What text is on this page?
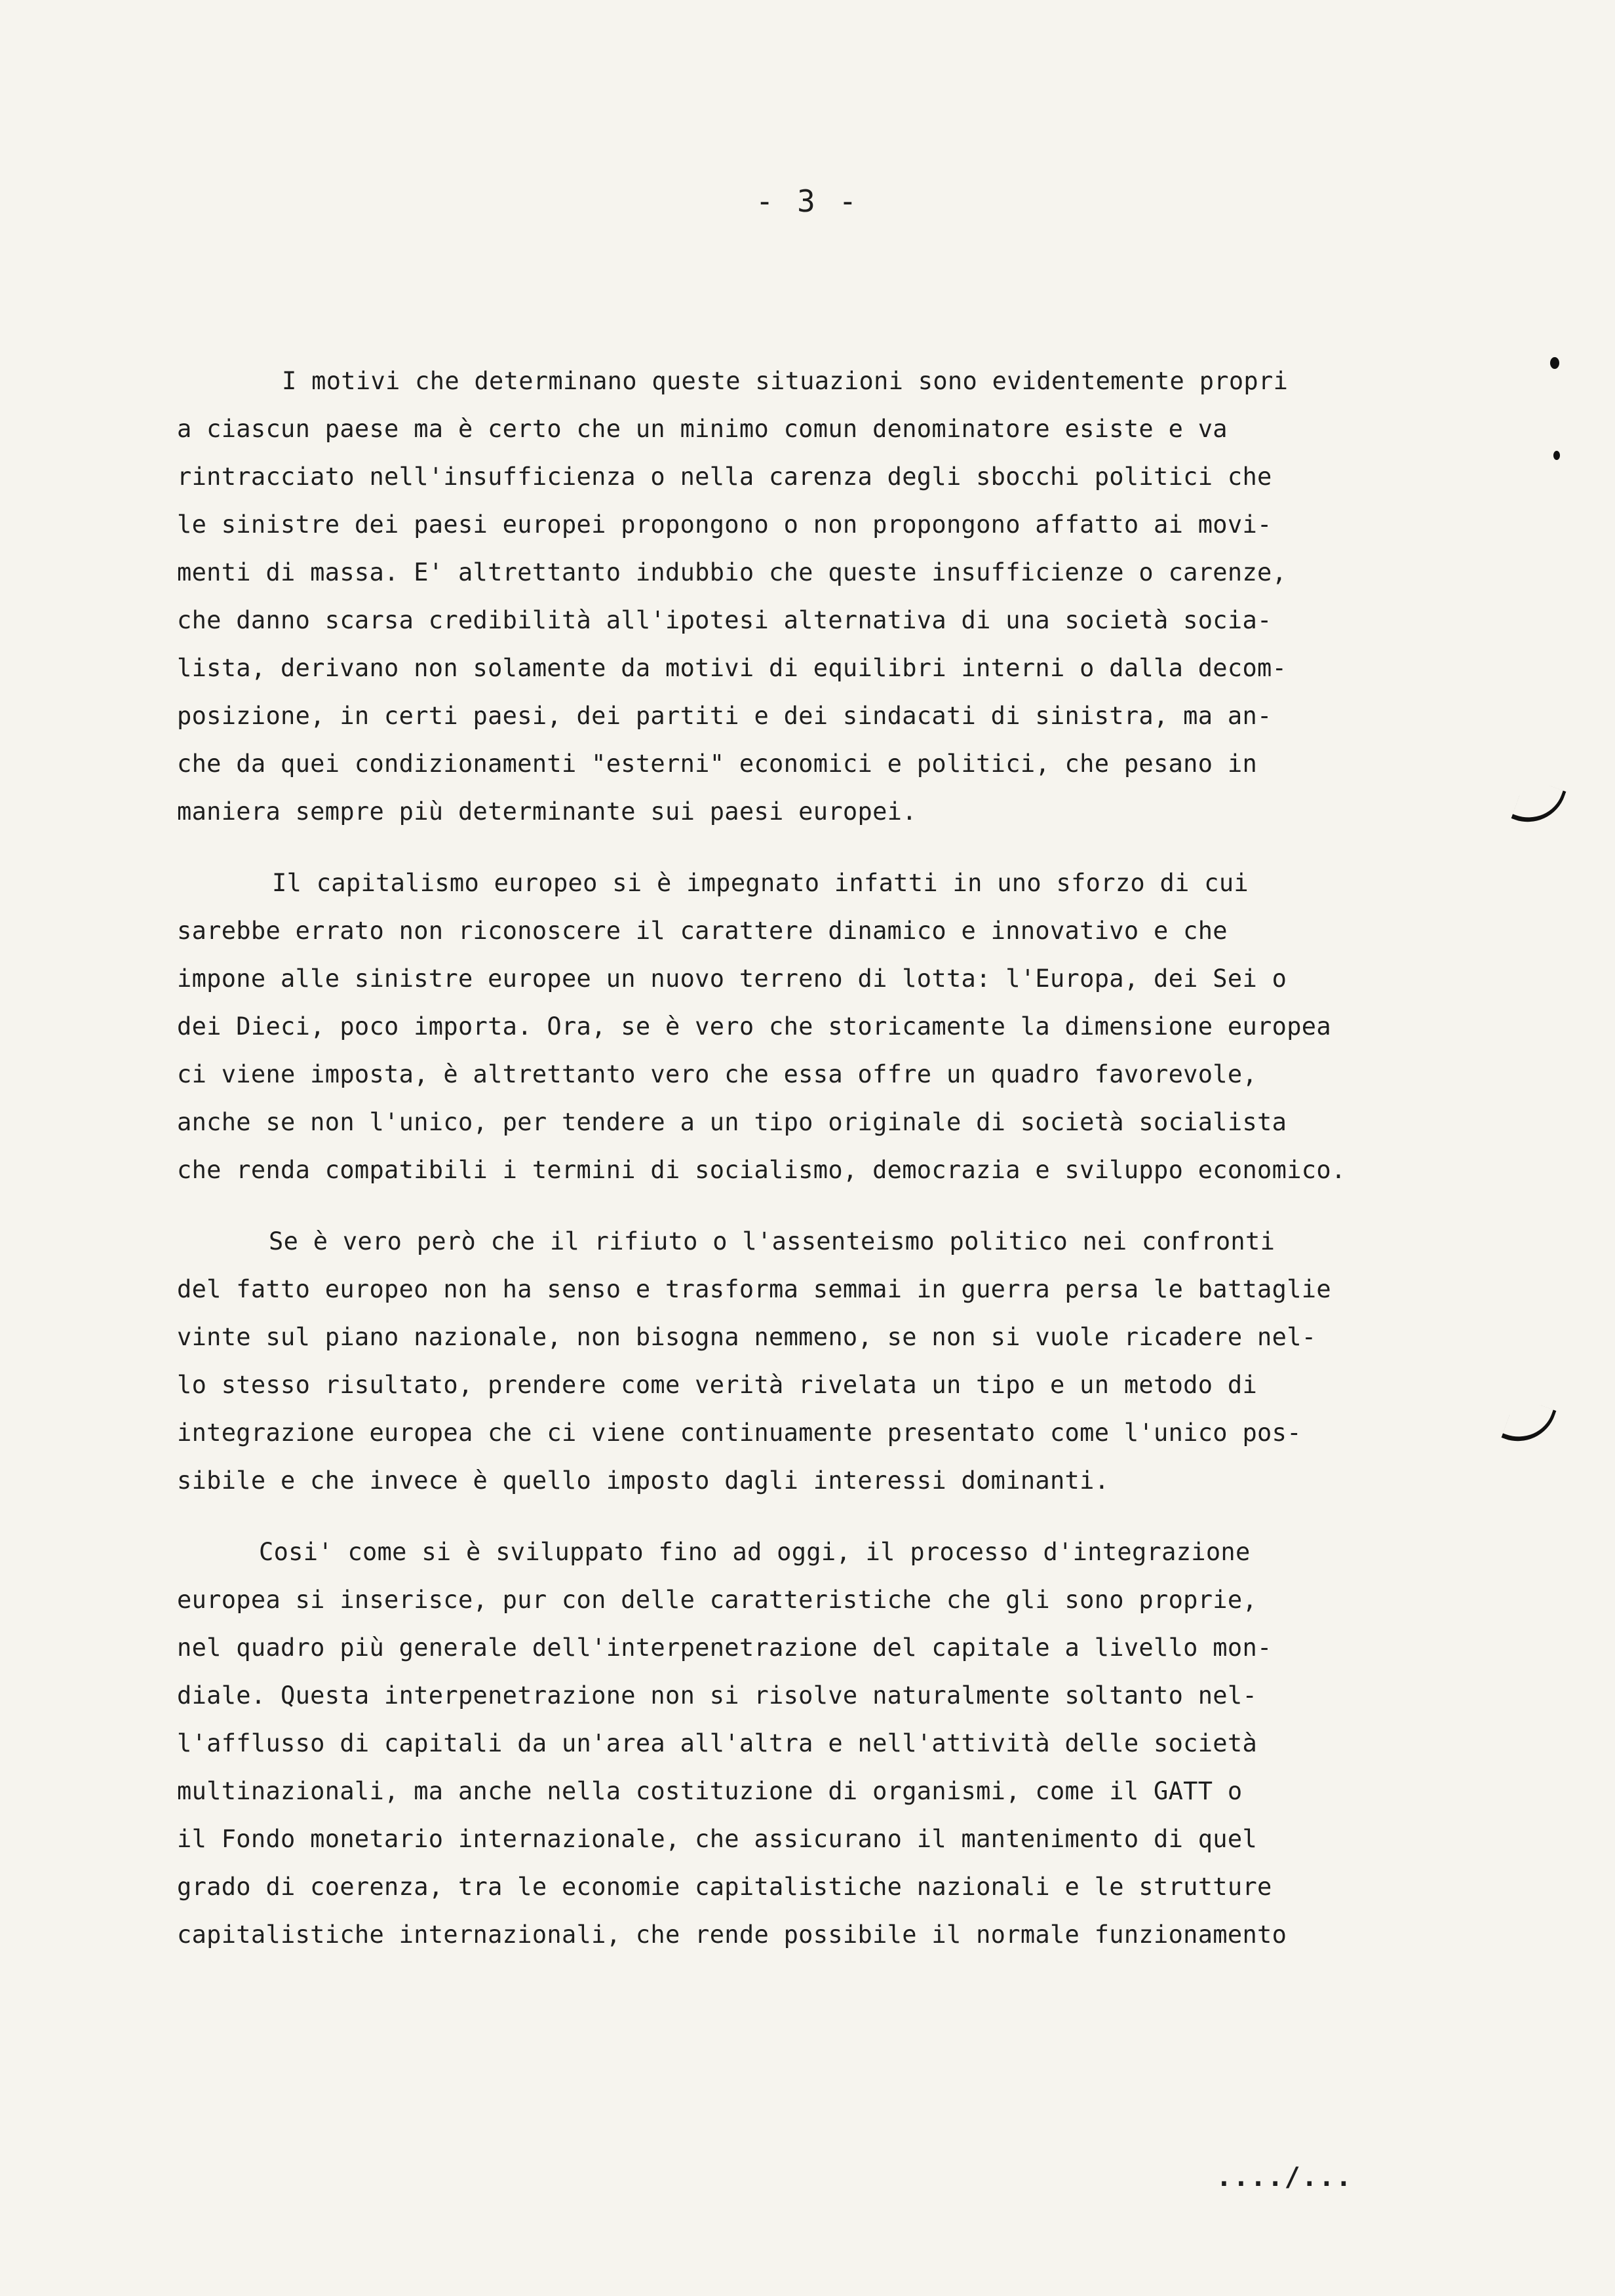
- 3 -
I motivi che determinano queste situazioni sono evidentemente propri
a ciascun paese ma è certo che un minimo comun denominatore esiste e va
rintracciato nell'insufficienza o nella carenza degli sbocchi politici che
le sinistre dei paesi europei propongono o non propongono affatto ai movi-
menti di massa. E' altrettanto indubbio che queste insufficienze o carenze,
che danno scarsa credibilità all'ipotesi alternativa di una società socia-
lista, derivano non solamente da motivi di equilibri interni o dalla decom-
posizione, in certi paesi, dei partiti e dei sindacati di sinistra, ma an-
che da quei condizionamenti "esterni" economici e politici, che pesano in
maniera sempre più determinante sui paesi europei.
Il capitalismo europeo si è impegnato infatti in uno sforzo di cui
sarebbe errato non riconoscere il carattere dinamico e innovativo e che
impone alle sinistre europee un nuovo terreno di lotta: l'Europa, dei Sei o
dei Dieci, poco importa. Ora, se è vero che storicamente la dimensione europea
ci viene imposta, è altrettanto vero che essa offre un quadro favorevole,
anche se non l'unico, per tendere a un tipo originale di società socialista
che renda compatibili i termini di socialismo, democrazia e sviluppo economico.
Se è vero però che il rifiuto o l'assenteismo politico nei confronti
del fatto europeo non ha senso e trasforma semmai in guerra persa le battaglie
vinte sul piano nazionale, non bisogna nemmeno, se non si vuole ricadere nel-
lo stesso risultato, prendere come verità rivelata un tipo e un metodo di
integrazione europea che ci viene continuamente presentato come l'unico pos-
sibile e che invece è quello imposto dagli interessi dominanti.
Cosi' come si è sviluppato fino ad oggi, il processo d'integrazione
europea si inserisce, pur con delle caratteristiche che gli sono proprie,
nel quadro più generale dell'interpenetrazione del capitale a livello mon-
diale. Questa interpenetrazione non si risolve naturalmente soltanto nel-
l'afflusso di capitali da un'area all'altra e nell'attività delle società
multinazionali, ma anche nella costituzione di organismi, come il GATT o
il Fondo monetario internazionale, che assicurano il mantenimento di quel
grado di coerenza, tra le economie capitalistiche nazionali e le strutture
capitalistiche internazionali, che rende possibile il normale funzionamento
..../...
